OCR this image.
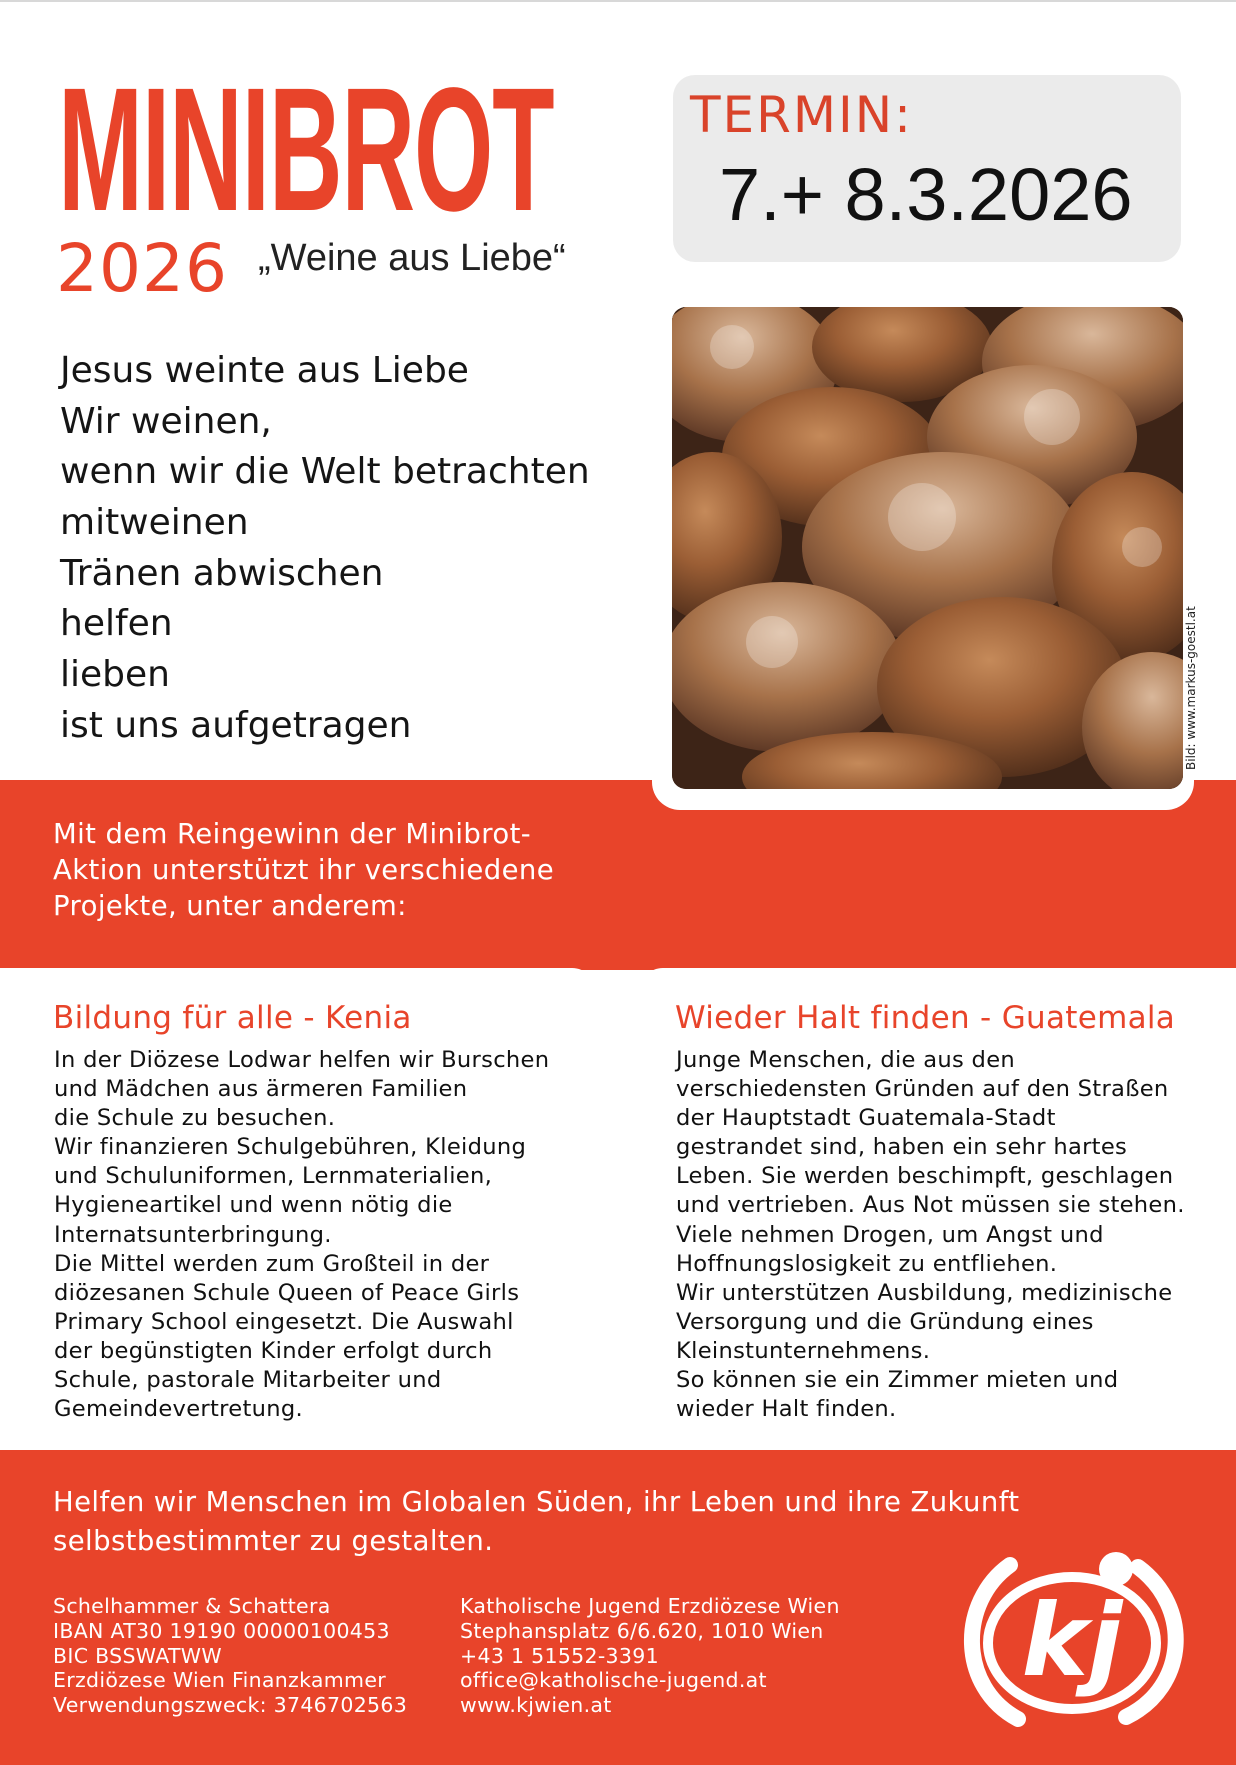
MINIBROT
2026 „Weine aus Liebe“
TERMIN:
7.+ 8.3.2026
Jesus weinte aus Liebe
Wir weinen,
wenn wir die Welt betrachten
mitweinen
Tränen abwischen
helfen
lieben
ist uns aufgetragen	Bild: www.markus-goestl.at
Mit dem Reingewinn der Minibrot-Aktion unterstützt ihr verschiedene Projekte, unter anderem:
Bildung für alle - Kenia
In der Diözese Lodwar helfen wir Burschen
und Mädchen aus ärmeren Familien
die Schule zu besuchen.
Wir finanzieren Schulgebühren, Kleidung
und Schuluniformen, Lernmaterialien,
Hygieneartikel und wenn nötig die
Internatsunterbringung.
Die Mittel werden zum Großteil in der
diözesanen Schule Queen of Peace Girls
Primary School eingesetzt. Die Auswahl
der begünstigten Kinder erfolgt durch
Schule, pastorale Mitarbeiter und
Gemeindevertretung.
Wieder Halt finden - Guatemala
Junge Menschen, die aus den
verschiedensten Gründen auf den Straßen
der Hauptstadt Guatemala-Stadt
gestrandet sind, haben ein sehr hartes
Leben. Sie werden beschimpft, geschlagen
und vertrieben. Aus Not müssen sie stehen.
Viele nehmen Drogen, um Angst und
Hoffnungslosigkeit zu entfliehen.
Wir unterstützen Ausbildung, medizinische
Versorgung und die Gründung eines
Kleinstunternehmens.
So können sie ein Zimmer mieten und
wieder Halt finden.
Helfen wir Menschen im Globalen Süden, ihr Leben und ihre Zukunft selbstbestimmter zu gestalten.
Schelhammer & Schattera
IBAN AT30 19190 00000100453
BIC BSSWATWW
Erzdiözese Wien Finanzkammer
Verwendungszweck: 3746702563
Katholische Jugend Erzdiözese Wien
Stephansplatz 6/6.620, 1010 Wien
+43 1 51552-3391
office@katholische-jugend.at
www.kjwien.at
kj
